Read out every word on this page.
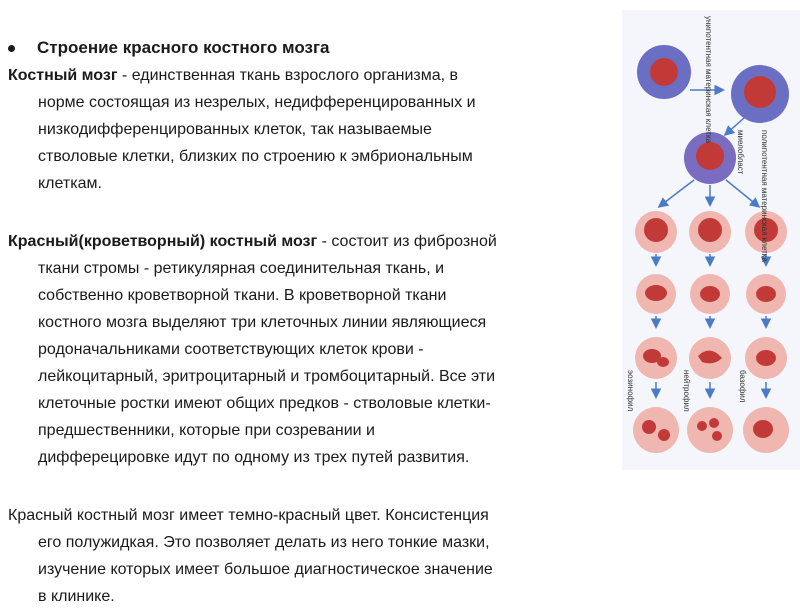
Строение красного костного мозга
Костный мозг - единственная ткань взрослого организма, в
норме состоящая из незрелых, недифференцированных и
низкодифференцированных клеток, так называемые
стволовые клетки, близких по строению к эмбриональным
клеткам.
Красный(кроветворный) костный мозг - состоит из фиброзной
ткани стромы - ретикулярная соединительная ткань, и
собственно кроветворной ткани. В кроветворной ткани
костного мозга выделяют три клеточных линии являющиеся
родоначальниками соответствующих клеток крови -
лейкоцитарный, эритроцитарный и тромбоцитарный. Все эти
клеточные ростки имеют общих предков - стволовые клетки-
предшественники, которые при созревании и
дифферецировке идут по одному из трех путей развития.
Красный костный мозг имеет темно-красный цвет. Консистенция
его полужидкая. Это позволяет делать из него тонкие мазки,
изучение которых имеет большое диагностическое значение
в клинике.
унипотентная материнская клетка
миелобласт полипотентная материнская клетка
эозинофил	нейтрофил	базофил
